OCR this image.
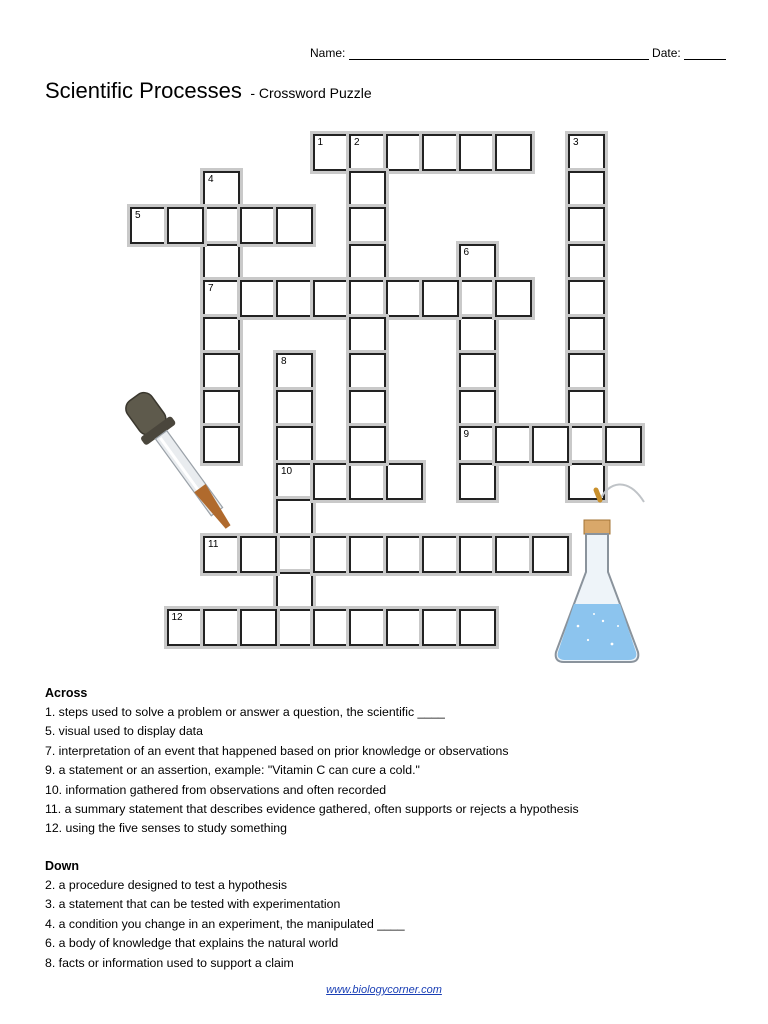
Name:	Date:
Scientific Processes - Crossword Puzzle
1	2	3
4
7
5
6
9
8
10
11
12
Across
1. steps used to solve a problem or answer a question, the scientific ____
5. visual used to display data
7. interpretation of an event that happened based on prior knowledge or observations
9. a statement or an assertion, example: "Vitamin C can cure a cold."
10. information gathered from observations and often recorded
11. a summary statement that describes evidence gathered, often supports or rejects a hypothesis
12. using the five senses to study something
Down
2. a procedure designed to test a hypothesis
3. a statement that can be tested with experimentation
4. a condition you change in an experiment, the manipulated ____
6. a body of knowledge that explains the natural world
8. facts or information used to support a claim
www.biologycorner.com
